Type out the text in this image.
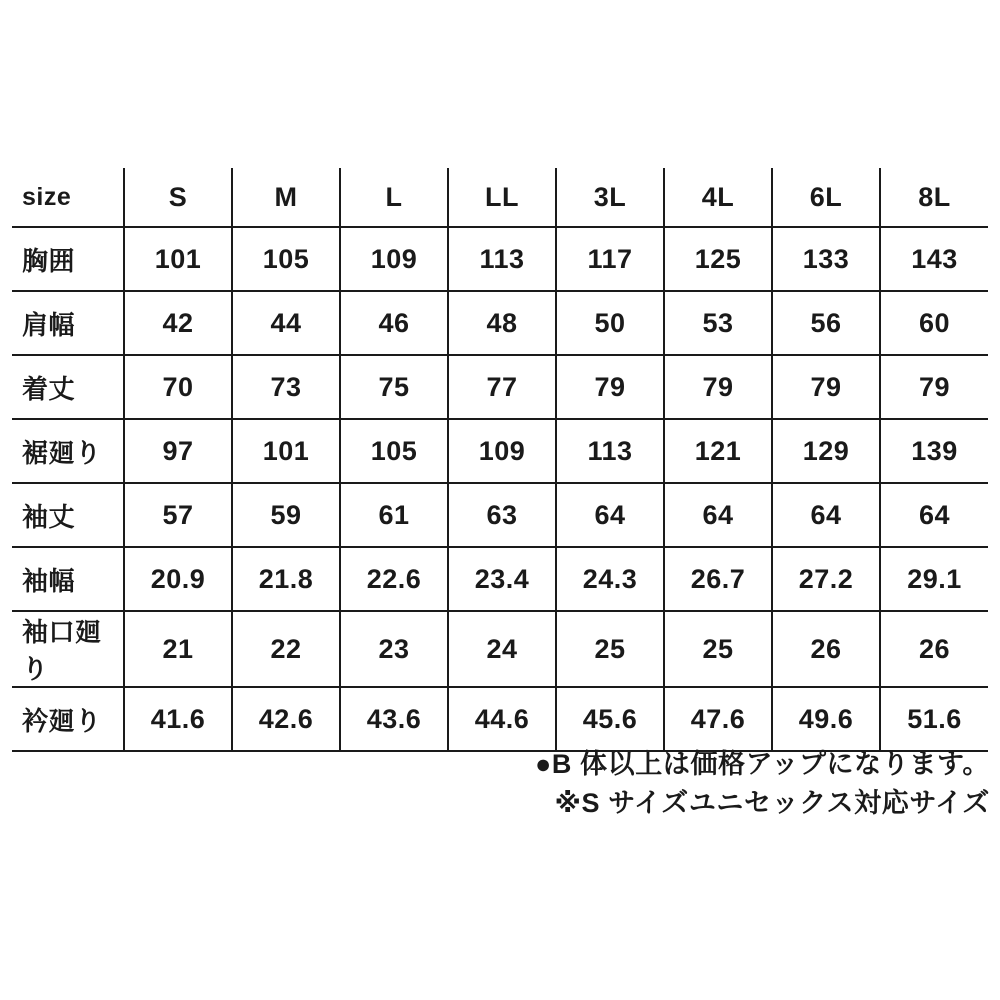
size	S	M	L	LL	3L	4L	6L	8L
胸囲	101	105	109	113	117	125	133	143
肩幅	42	44	46	48	50	53	56	60
着丈	70	73	75	77	79	79	79	79
裾廻り	97	101	105	109	113	121	129	139
袖丈	57	59	61	63	64	64	64	64
袖幅	20.9	21.8	22.6	23.4	24.3	26.7	27.2	29.1
袖口廻り	21	22	23	24	25	25	26	26
衿廻り	41.6	42.6	43.6	44.6	45.6	47.6	49.6	51.6
●B 体以上は価格アップになります。
※S サイズユニセックス対応サイズ
